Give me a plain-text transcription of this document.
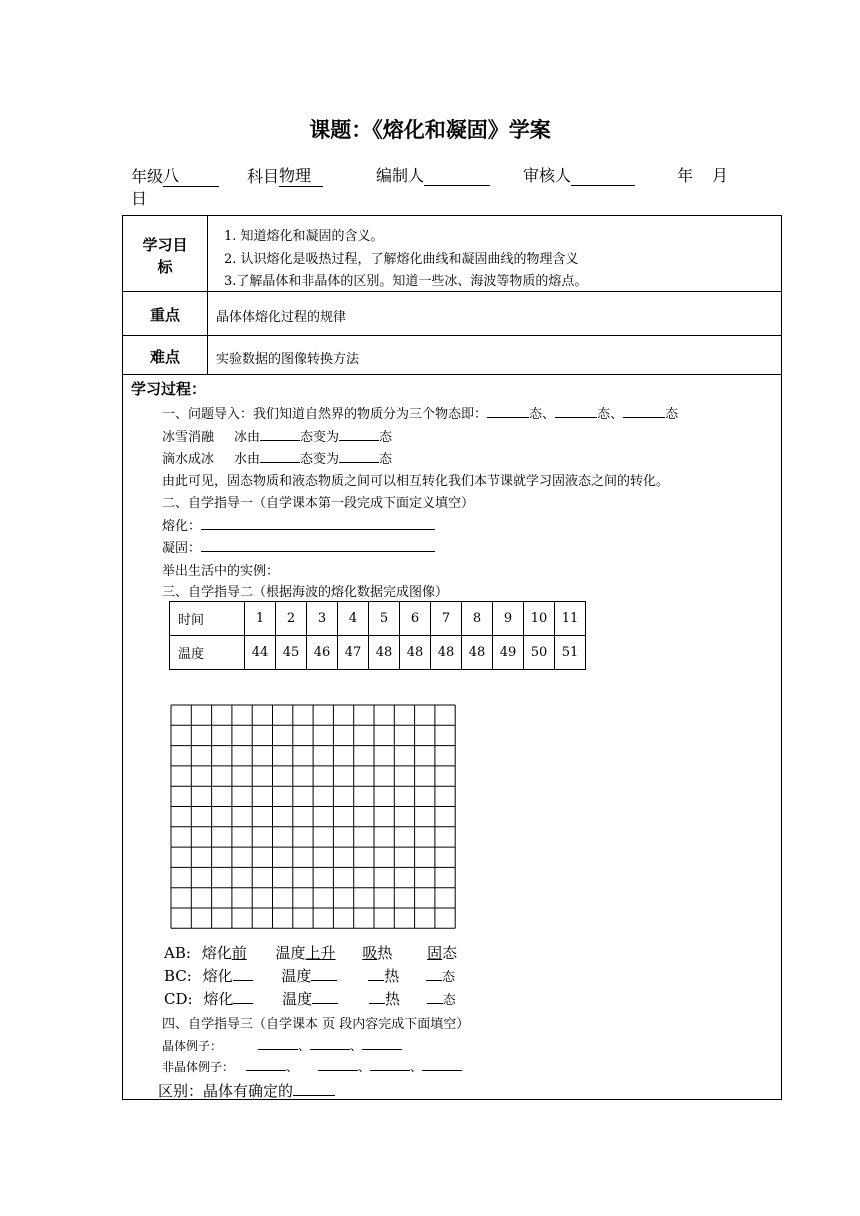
课题：《熔化和凝固》学案
年级八	科目物理	编制人	审核人	年 月
日
学习目标
1. 知道熔化和凝固的含义。
2. 认识熔化是吸热过程，了解熔化曲线和凝固曲线的物理含义
3.了解晶体和非晶体的区别。知道一些冰、海波等物质的熔点。
重点	晶体体熔化过程的规律
难点	实验数据的图像转换方法
学习过程：
一、问题导入：我们知道自然界的物质分为三个物态即：	态、	态、	态
冰雪消融 冰由	态变为	态
滴水成冰 水由	态变为	态
由此可见，固态物质和液态物质之间可以相互转化我们本节课就学习固液态之间的转化。
二、自学指导一（自学课本第一段完成下面定义填空）
熔化：
凝固：
举出生活中的实例：
三、自学指导二（根据海波的熔化数据完成图像）
时间	1	2	3	4	5	6	7	8	9	10	11
温度	44	45	46	47	48	48	48	48	49	50	51
AB: 熔化前 温度上升 吸热 固态
BC: 熔化	温度	热	态
CD: 熔化	温度	热	态
四、自学指导三（自学课本 页 段内容完成下面填空）
晶体例子：	、	、
非晶体例子：	、	、	、
区别：晶体有确定的
